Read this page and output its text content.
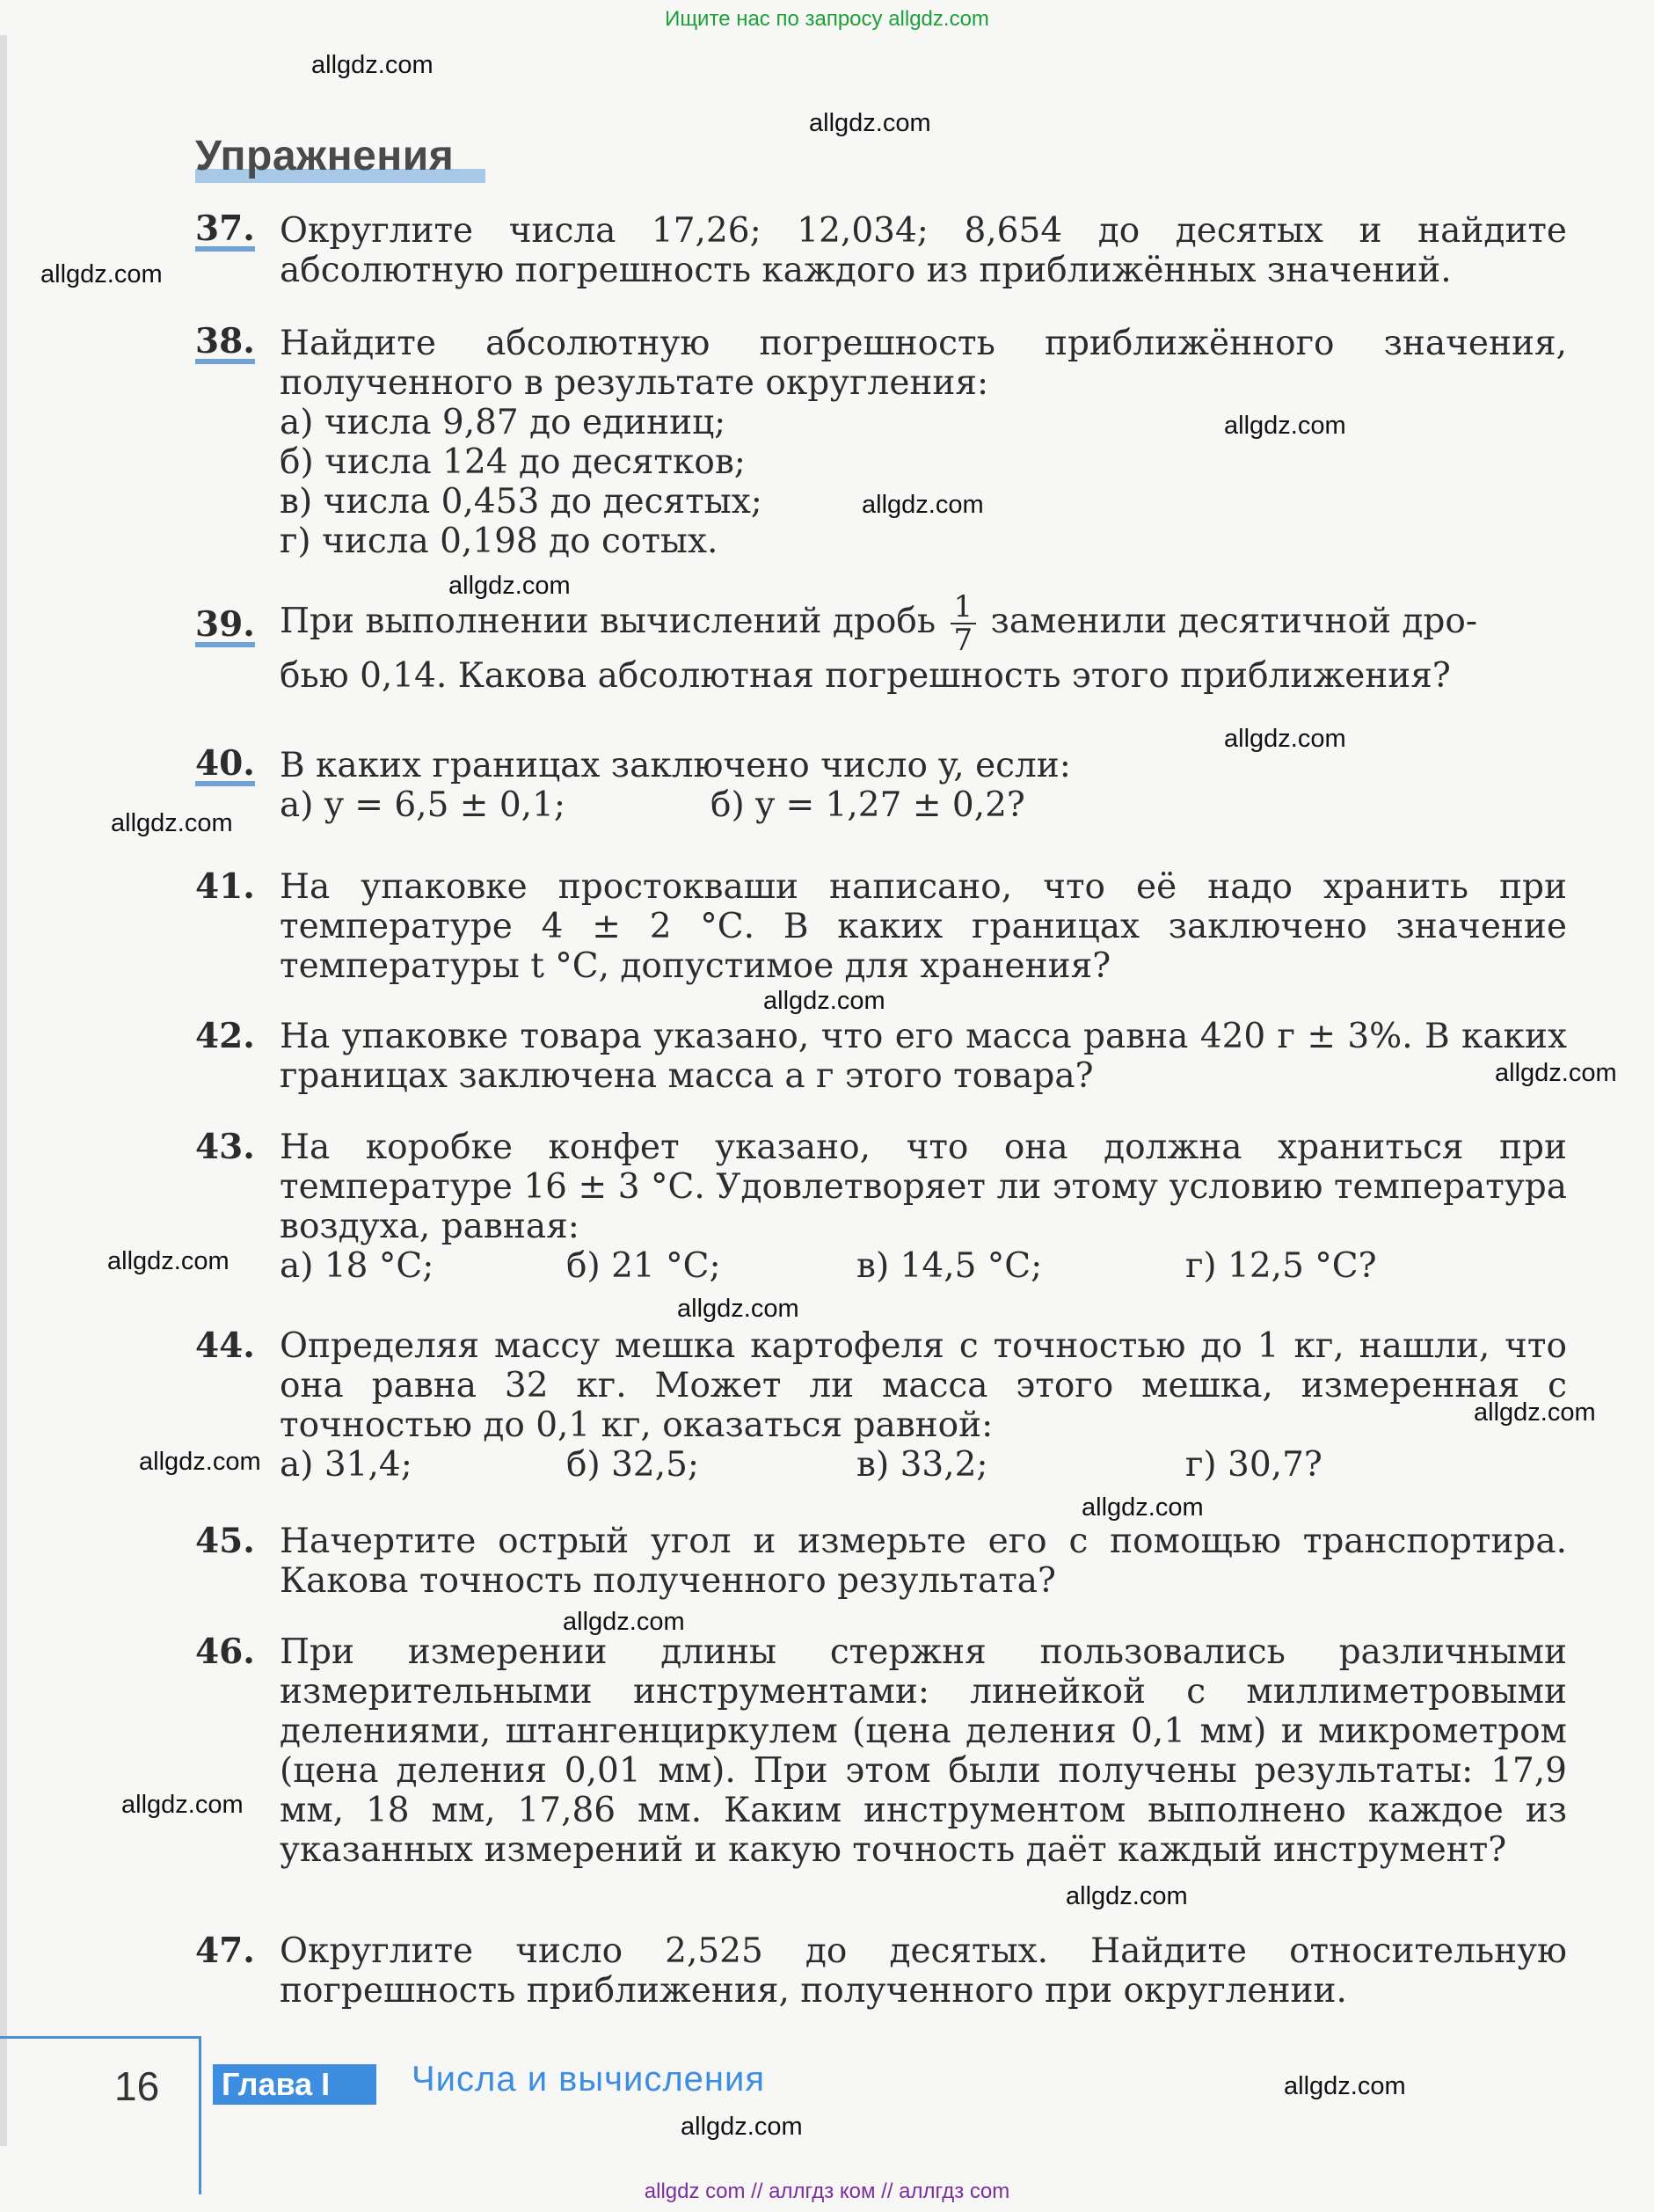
Ищите нас по запросу allgdz.com
allgdz.com
allgdz.com
allgdz.com
allgdz.com
allgdz.com
allgdz.com
allgdz.com
allgdz.com
allgdz.com
allgdz.com
allgdz.com
allgdz.com
allgdz.com
allgdz.com
allgdz.com
allgdz.com
allgdz.com
allgdz.com
allgdz.com
allgdz.com
Упражнения
37. Округлите числа 17,26; 12,034; 8,654 до десятых и найдите абсолютную погрешность каждого из приближённых значений.
38. Найдите абсолютную погрешность приближённого значения, полученного в результате округления:
а) числа 9,87 до единиц;
б) числа 124 до десятков;
в) числа 0,453 до десятых;
г) числа 0,198 до сотых.
39. При выполнении вычислений дробь $\frac{1}{7}$ заменили десятичной дро-
бью 0,14. Какова абсолютная погрешность этого приближения?
40. В каких границах заключено число y, если:
а) y = 6,5 ± 0,1;	б) y = 1,27 ± 0,2?
41. На упаковке простокваши написано, что её надо хранить при температуре 4 ± 2 °С. В каких границах заключено значение температуры t °С, допустимое для хранения?
42. На упаковке товара указано, что его масса равна 420 г ± 3%. В каких границах заключена масса a г этого товара?
43. На коробке конфет указано, что она должна храниться при температуре 16 ± 3 °С. Удовлетворяет ли этому условию температура воздуха, равная:
а) 18 °С;	б) 21 °С;	в) 14,5 °С;	г) 12,5 °С?
44. Определяя массу мешка картофеля с точностью до 1 кг, нашли, что она равна 32 кг. Может ли масса этого мешка, измеренная с точностью до 0,1 кг, оказаться равной:
а) 31,4;	б) 32,5;	в) 33,2;	г) 30,7?
45. Начертите острый угол и измерьте его с помощью транспортира. Какова точность полученного результата?
46. При измерении длины стержня пользовались различными измерительными инструментами: линейкой с миллиметровыми делениями, штангенциркулем (цена деления 0,1 мм) и микрометром (цена деления 0,01 мм). При этом были получены результаты: 17,9 мм, 18 мм, 17,86 мм. Каким инструментом выполнено каждое из указанных измерений и какую точность даёт каждый инструмент?
47. Округлите число 2,525 до десятых. Найдите относительную погрешность приближения, полученного при округлении.
16 Глава I	Числа и вычисления
allgdz com // аллгдз ком // аллгдз com
